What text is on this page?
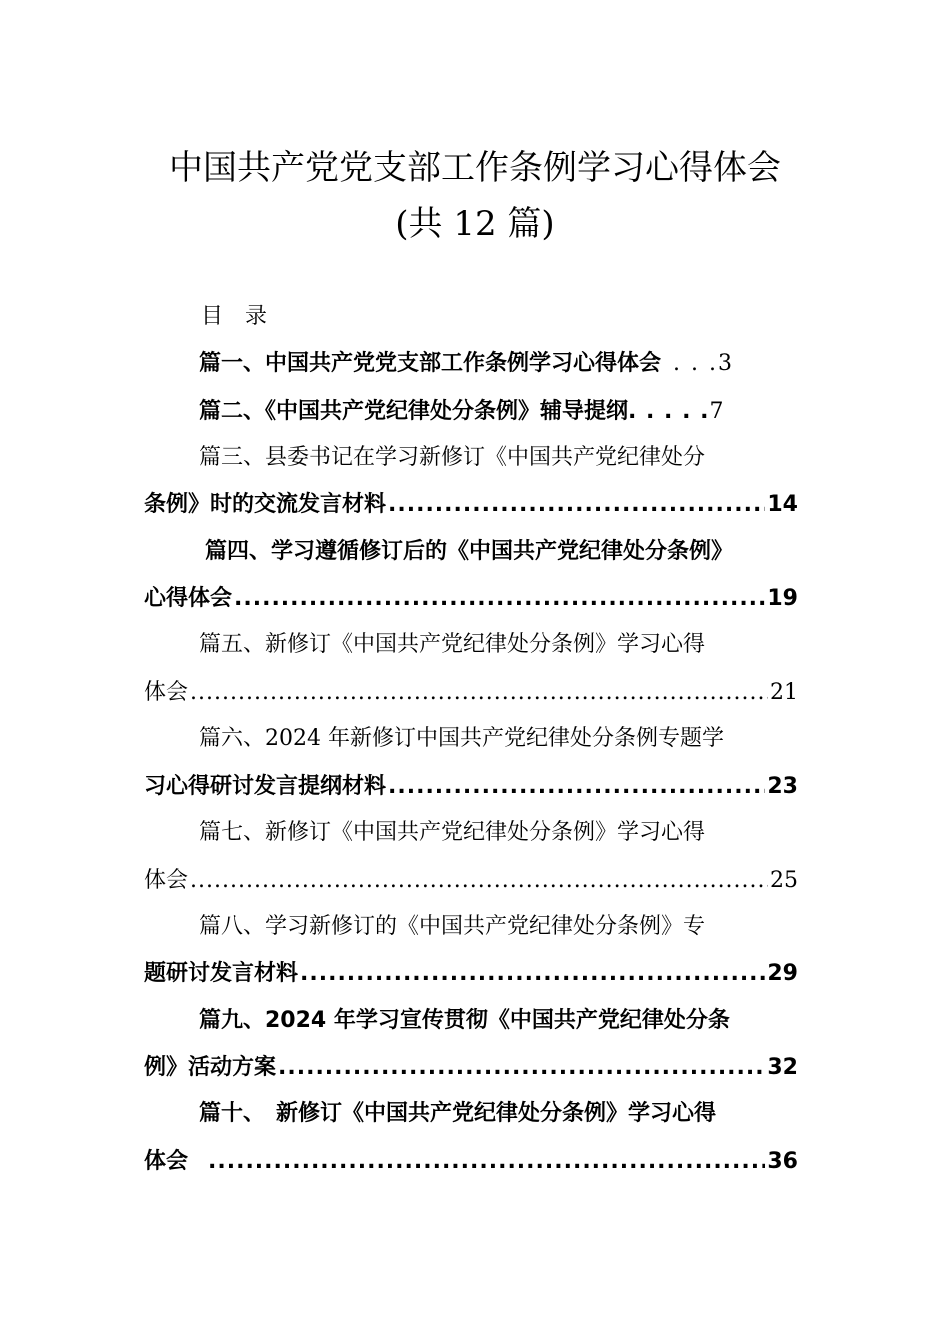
中国共产党党支部工作条例学习心得体会
(共 12 篇)
目　录
篇一、中国共产党党支部工作条例学习心得体会 . . . 3
篇二、《中国共产党纪律处分条例》辅导提纲 . . . . . 7
篇三、县委书记在学习新修订《中国共产党纪律处分
条例》时的交流发言材料 .....	14
篇四、学习遵循修订后的《中国共产党纪律处分条例》
心得体会 .....	19
篇五、新修订《中国共产党纪律处分条例》学习心得
体会 .....	21
篇六、2024 年新修订中国共产党纪律处分条例专题学
习心得研讨发言提纲材料 .....	23
篇七、新修订《中国共产党纪律处分条例》学习心得
体会 .....	25
篇八、学习新修订的《中国共产党纪律处分条例》专
题研讨发言材料 .....	29
篇九、2024 年学习宣传贯彻《中国共产党纪律处分条
例》活动方案 .....	32
篇十、　新修订《中国共产党纪律处分条例》学习心得
体会 .....	36
